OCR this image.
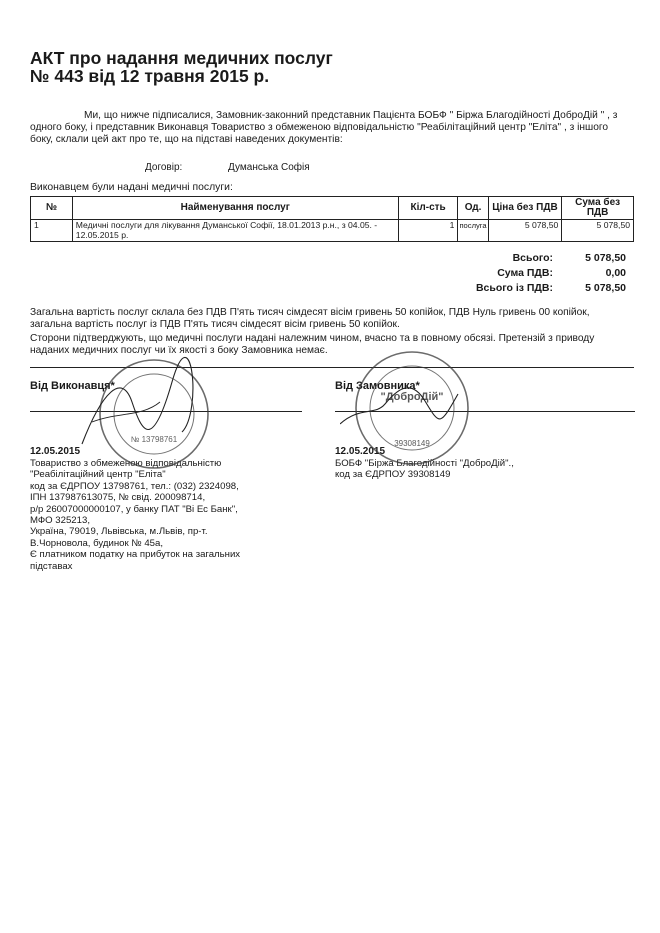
АКТ про надання медичних послуг
№ 443 від 12 травня 2015 р.
Ми, що нижче підписалися, Замовник-законний представник Пацієнта БОБФ " Біржа Благодійності ДоброДій " , з одного боку, і представник Виконавця Товариство з обмеженою відповідальністю "Реабілітаційний центр "Еліта" , з іншого боку, склали цей акт про те, що на підставі наведених документів:
Договір:	Думанська Софія
Виконавцем були надані медичні послуги:
№	Найменування послуг	Кіл-сть	Од.	Ціна без ПДВ	Сума без ПДВ
1	Медичні послуги для лікування Думанської Софії, 18.01.2013 р.н., з 04.05. - 12.05.2015 р.	1	послуга	5 078,50	5 078,50
Всього:	5 078,50
Сума ПДВ:	0,00
Всього із ПДВ:	5 078,50
Загальна вартість послуг склала без ПДВ П'ять тисяч сімдесят вісім гривень 50 копійок, ПДВ Нуль гривень 00 копійок, загальна вартість послуг із ПДВ П'ять тисяч сімдесят вісім гривень 50 копійок.
Сторони підтверджують, що медичні послуги надані належним чином, вчасно та в повному обсязі. Претензій з приводу наданих медичних послуг чи їх якості з боку Замовника немає.
Від Виконавця*	Від Замовника*
12.05.2015	12.05.2015
Товариство з обмеженою відповідальністю
"Реабілітаційний центр "Еліта"
код за ЄДРПОУ 13798761, тел.: (032) 2324098,
ІПН 137987613075, № свід. 200098714,
р/р 26007000000107, у банку ПАТ "Ві Ес Банк",
МФО 325213,
Україна, 79019, Львівська, м.Львів, пр-т.
В.Чорновола, будинок № 45а,
Є платником податку на прибуток на загальних
підставах
БОБФ "Біржа Благодійності "ДоброДій".,
код за ЄДРПОУ 39308149
№ 13798761
"ДоброДій"
39308149
